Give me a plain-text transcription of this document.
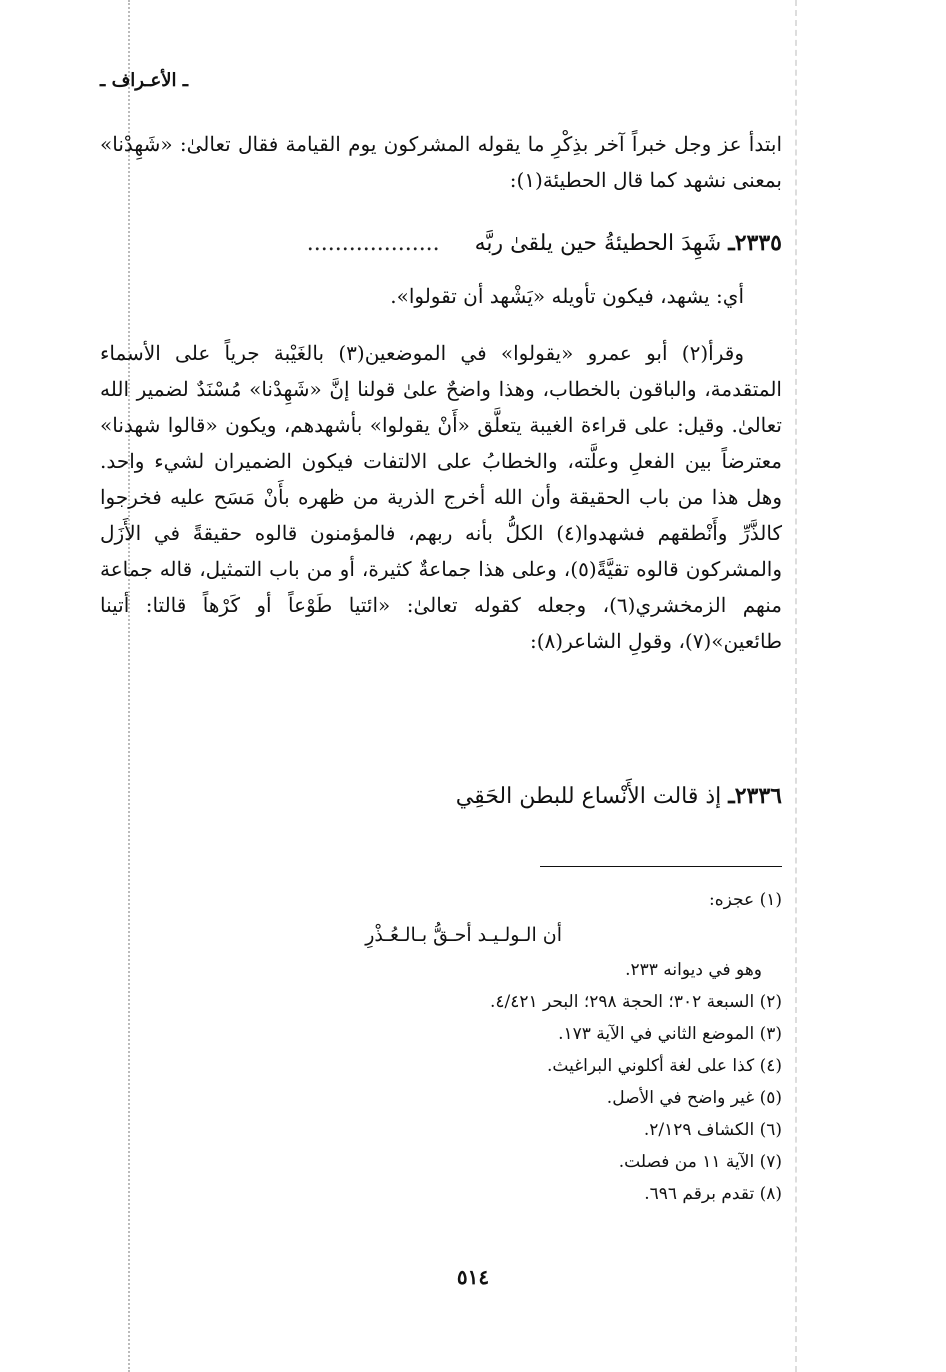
ـ الأعـراف ـ

ابتدأ عز وجل خبراً آخر بذِكْرِ ما يقوله المشركون يوم القيامة فقال تعالىٰ: «شَهِدْنا» بمعنى نشهد كما قال الحطيئة(١):

٢٣٣٥ـ شَهِدَ الحطيئةُ حين يلقىٰ ربَّه     ...................

أي: يشهد، فيكون تأويله «يَشْهد أن تقولوا».

وقرأ(٢) أبو عمرو «يقولوا» في الموضعين(٣) بالغَيْبة جرياً على الأسماء المتقدمة، والباقون بالخطاب، وهذا واضحٌ علىٰ قولنا إنَّ «شَهِدْنا» مُسْنَدٌ لضمير الله تعالىٰ. وقيل: على قراءة الغيبة يتعلَّق «أَنْ يقولوا» بأشهدهم، ويكون «قالوا شهدنا» معترضاً بين الفعلِ وعلَّته، والخطابُ على الالتفات فيكون الضميران لشيء واحد. وهل هذا من باب الحقيقة وأن الله أخرج الذرية من ظهره بأَنْ مَسَح عليه فخرجوا كالذَّرِّ وأَنْطقهم فشهدوا(٤) الكلُّ بأنه ربهم، فالمؤمنون قالوه حقيقةً في الأَزَل والمشركون قالوه تقيَّةً(٥)، وعلى هذا جماعةٌ كثيرة، أو من باب التمثيل، قاله جماعة منهم الزمخشري(٦)، وجعله كقوله تعالىٰ: «ائتيا طَوْعاً أو كَرْهاً قالتا: أتينا طائعين»(٧)، وقولِ الشاعر(٨):

٢٣٣٦ـ إذ قالت الأَنْساع للبطن الحَقِي

(١) عجزه:

أن الـولـيـد أحـقُّ بـالـعُـذْرِ

وهو في ديوانه ٢٣٣.

(٢) السبعة ٣٠٢؛ الحجة ٢٩٨؛ البحر ٤/٤٢١.

(٣) الموضع الثاني في الآية ١٧٣.

(٤) كذا على لغة أكلوني البراغيث.

(٥) غير واضح في الأصل.

(٦) الكشاف ٢/١٢٩.

(٧) الآية ١١ من فصلت.

(٨) تقدم برقم ٦٩٦.

٥١٤
